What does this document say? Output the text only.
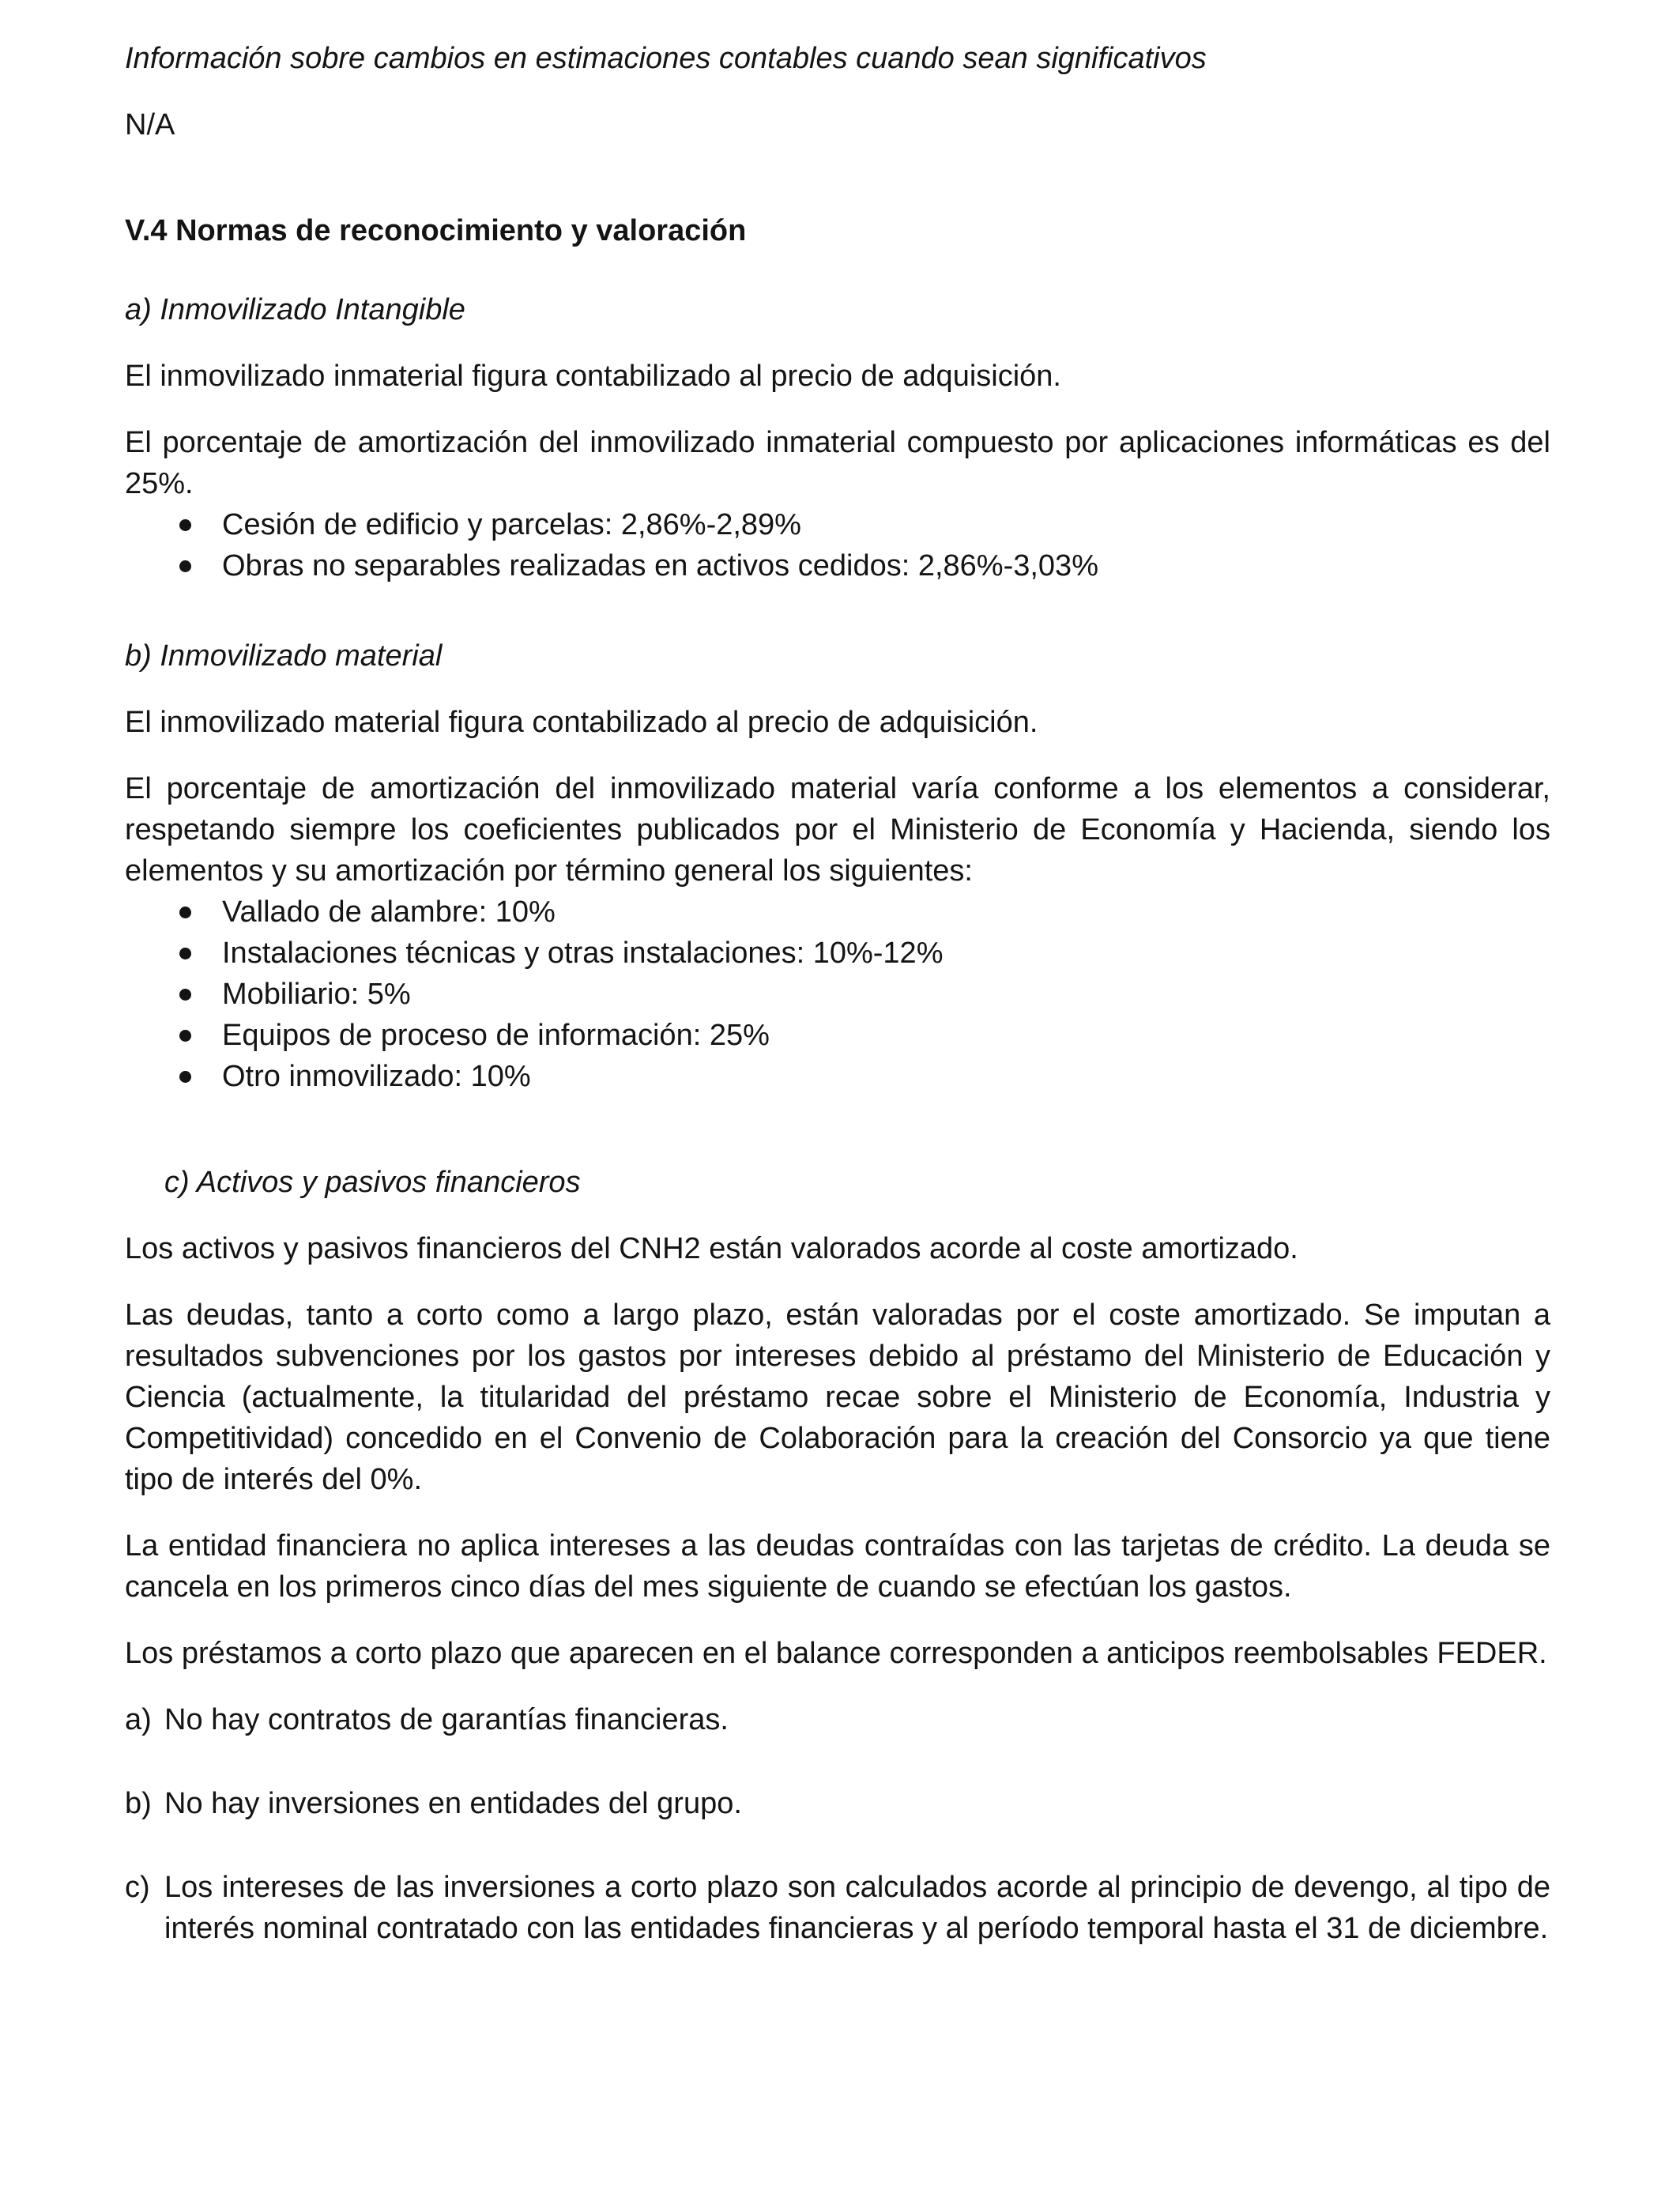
Información sobre cambios en estimaciones contables cuando sean significativos

N/A

V.4 Normas de reconocimiento y valoración

a) Inmovilizado Intangible

El inmovilizado inmaterial figura contabilizado al precio de adquisición.

El porcentaje de amortización del inmovilizado inmaterial compuesto por aplicaciones informáticas es del 25%.

Cesión de edificio y parcelas: 2,86%-2,89%
Obras no separables realizadas en activos cedidos: 2,86%-3,03%

b) Inmovilizado material

El inmovilizado material figura contabilizado al precio de adquisición.

El porcentaje de amortización del inmovilizado material varía conforme a los elementos a considerar, respetando siempre los coeficientes publicados por el Ministerio de Economía y Hacienda, siendo los elementos y su amortización por término general los siguientes:

Vallado de alambre: 10%
Instalaciones técnicas y otras instalaciones: 10%-12%
Mobiliario: 5%
Equipos de proceso de información: 25%
Otro inmovilizado: 10%

c) Activos y pasivos financieros

Los activos y pasivos financieros del CNH2 están valorados acorde al coste amortizado.

Las deudas, tanto a corto como a largo plazo, están valoradas por el coste amortizado. Se imputan a resultados subvenciones por los gastos por intereses debido al préstamo del Ministerio de Educación y Ciencia (actualmente, la titularidad del préstamo recae sobre el Ministerio de Economía, Industria y Competitividad) concedido en el Convenio de Colaboración para la creación del Consorcio ya que tiene tipo de interés del 0%.

La entidad financiera no aplica intereses a las deudas contraídas con las tarjetas de crédito. La deuda se cancela en los primeros cinco días del mes siguiente de cuando se efectúan los gastos.

Los préstamos a corto plazo que aparecen en el balance corresponden a anticipos reembolsables FEDER.

a) No hay contratos de garantías financieras.

b) No hay inversiones en entidades del grupo.

c) Los intereses de las inversiones a corto plazo son calculados acorde al principio de devengo, al tipo de interés nominal contratado con las entidades financieras y al período temporal hasta el 31 de diciembre.
